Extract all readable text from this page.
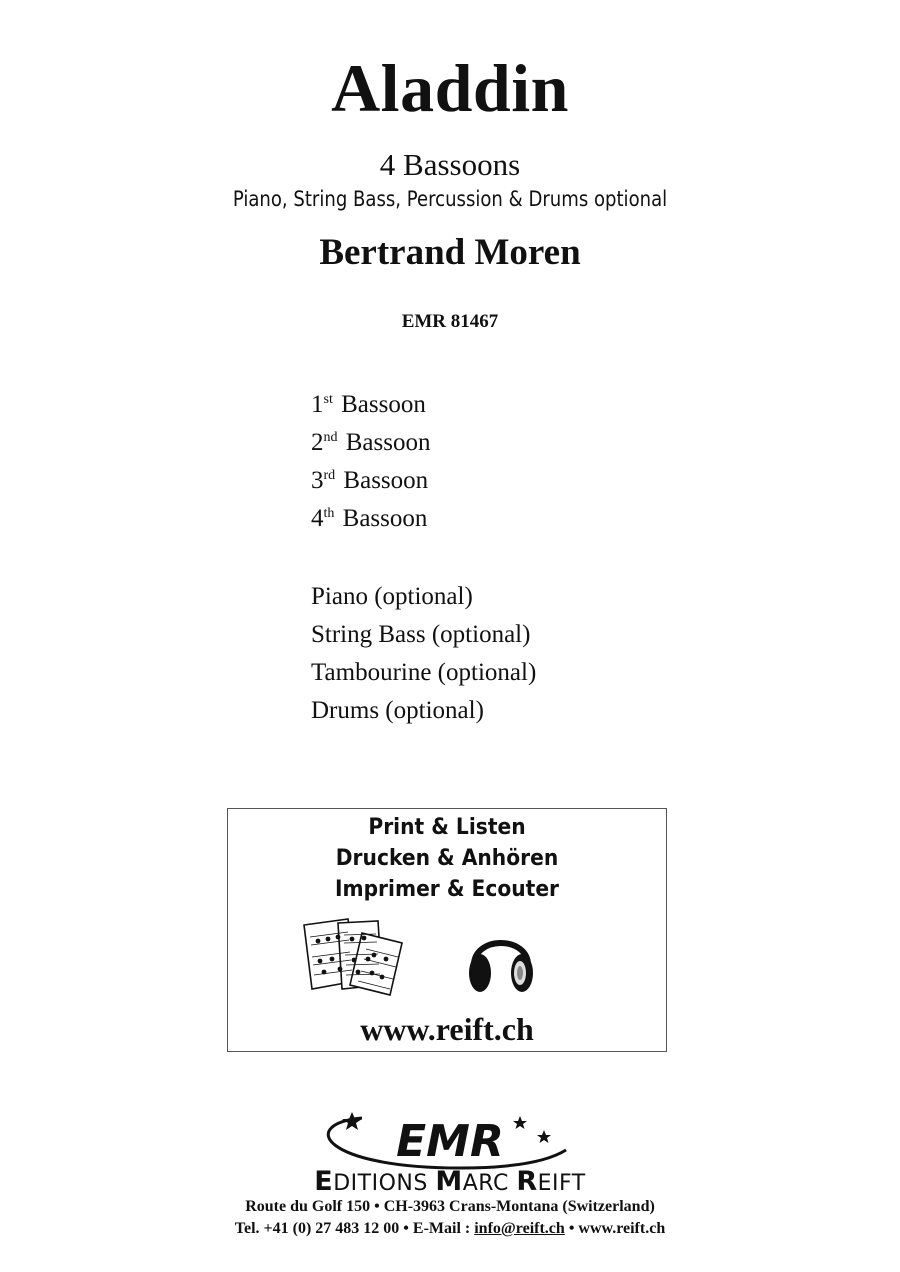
Aladdin
4 Bassoons
Piano, String Bass, Percussion & Drums optional
Bertrand Moren
EMR 81467
1st Bassoon
2nd Bassoon
3rd Bassoon
4th Bassoon
Piano (optional)
String Bass (optional)
Tambourine (optional)
Drums (optional)
Print & Listen
Drucken & Anhören
Imprimer & Ecouter
www.reift.ch
EMR
EDITIONS MARC REIFT
Route du Golf 150 • CH-3963 Crans-Montana (Switzerland)
Tel. +41 (0) 27 483 12 00 • E-Mail : info@reift.ch • www.reift.ch
